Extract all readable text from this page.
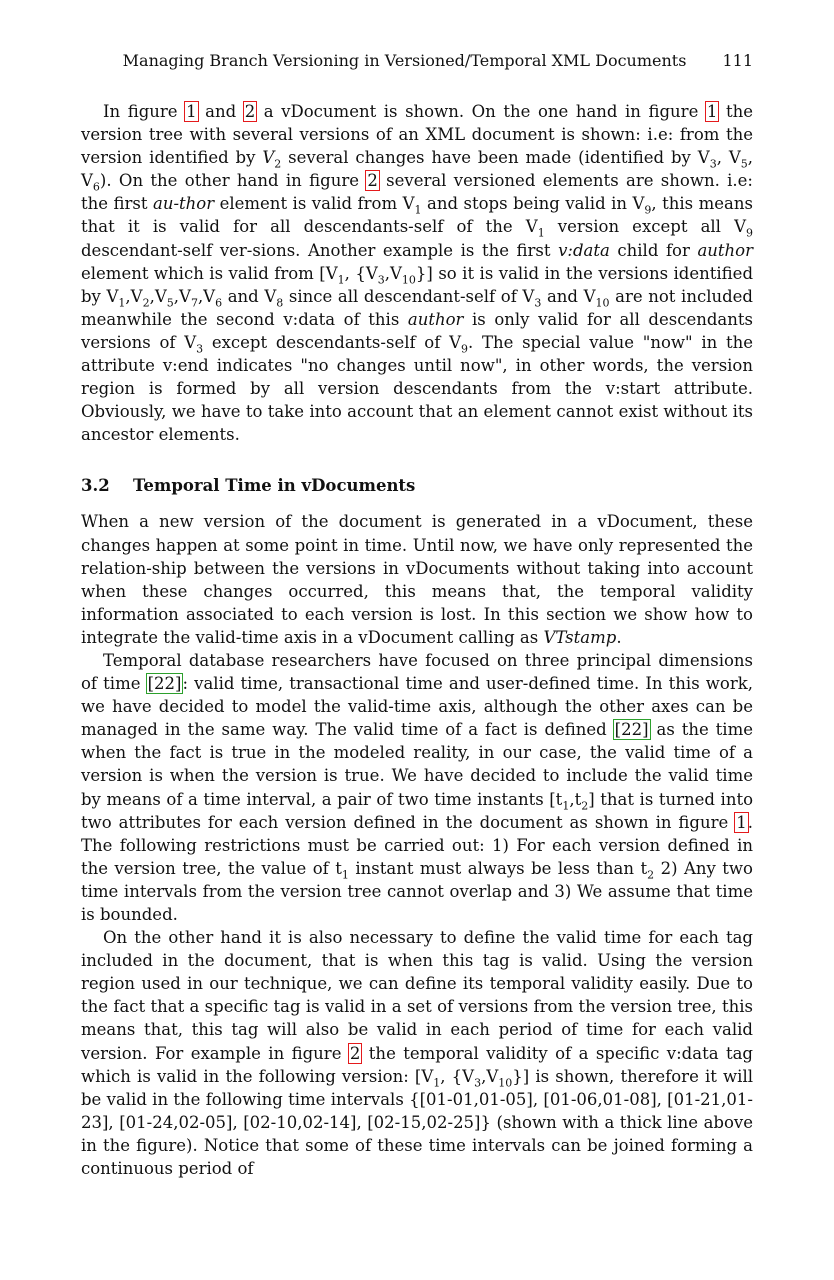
Managing Branch Versioning in Versioned/Temporal XML Documents 111

In figure 1 and 2 a vDocument is shown. On the one hand in figure 1 the version tree with several versions of an XML document is shown: i.e: from the version identified by $V_2$ several changes have been made (identified by $V_3$, $V_5$, $V_6$). On the other hand in figure 2 several versioned elements are shown. i.e: the first au-thor element is valid from $V_1$ and stops being valid in $V_9$, this means that it is valid for all descendants-self of the $V_1$ version except all $V_9$ descendant-self ver-sions. Another example is the first v:data child for author element which is valid from [$V_1$, $\{V_3,V_{10}\}$] so it is valid in the versions identified by $V_1,V_2,V_5,V_7,V_6$ and $V_8$ since all descendant-self of $V_3$ and $V_{10}$ are not included meanwhile the second v:data of this author is only valid for all descendants versions of $V_3$ except descendants-self of $V_9$. The special value "now" in the attribute v:end indicates "no changes until now", in other words, the version region is formed by all version descendants from the v:start attribute. Obviously, we have to take into account that an element cannot exist without its ancestor elements.

3.2 Temporal Time in vDocuments

When a new version of the document is generated in a vDocument, these changes happen at some point in time. Until now, we have only represented the relation-ship between the versions in vDocuments without taking into account when these changes occurred, this means that, the temporal validity information associated to each version is lost. In this section we show how to integrate the valid-time axis in a vDocument calling as VTstamp.

Temporal database researchers have focused on three principal dimensions of time [22]: valid time, transactional time and user-defined time. In this work, we have decided to model the valid-time axis, although the other axes can be managed in the same way. The valid time of a fact is defined [22] as the time when the fact is true in the modeled reality, in our case, the valid time of a version is when the version is true. We have decided to include the valid time by means of a time interval, a pair of two time instants $[t_1,t_2]$ that is turned into two attributes for each version defined in the document as shown in figure 1. The following restrictions must be carried out: 1) For each version defined in the version tree, the value of $t_1$ instant must always be less than $t_2$ 2) Any two time intervals from the version tree cannot overlap and 3) We assume that time is bounded.

On the other hand it is also necessary to define the valid time for each tag included in the document, that is when this tag is valid. Using the version region used in our technique, we can define its temporal validity easily. Due to the fact that a specific tag is valid in a set of versions from the version tree, this means that, this tag will also be valid in each period of time for each valid version. For example in figure 2 the temporal validity of a specific v:data tag which is valid in the following version: [$V_1$, $\{V_3,V_{10}\}$] is shown, therefore it will be valid in the following time intervals {[01-01,01-05], [01-06,01-08], [01-21,01-23], [01-24,02-05], [02-10,02-14], [02-15,02-25]} (shown with a thick line above in the figure). Notice that some of these time intervals can be joined forming a continuous period of
